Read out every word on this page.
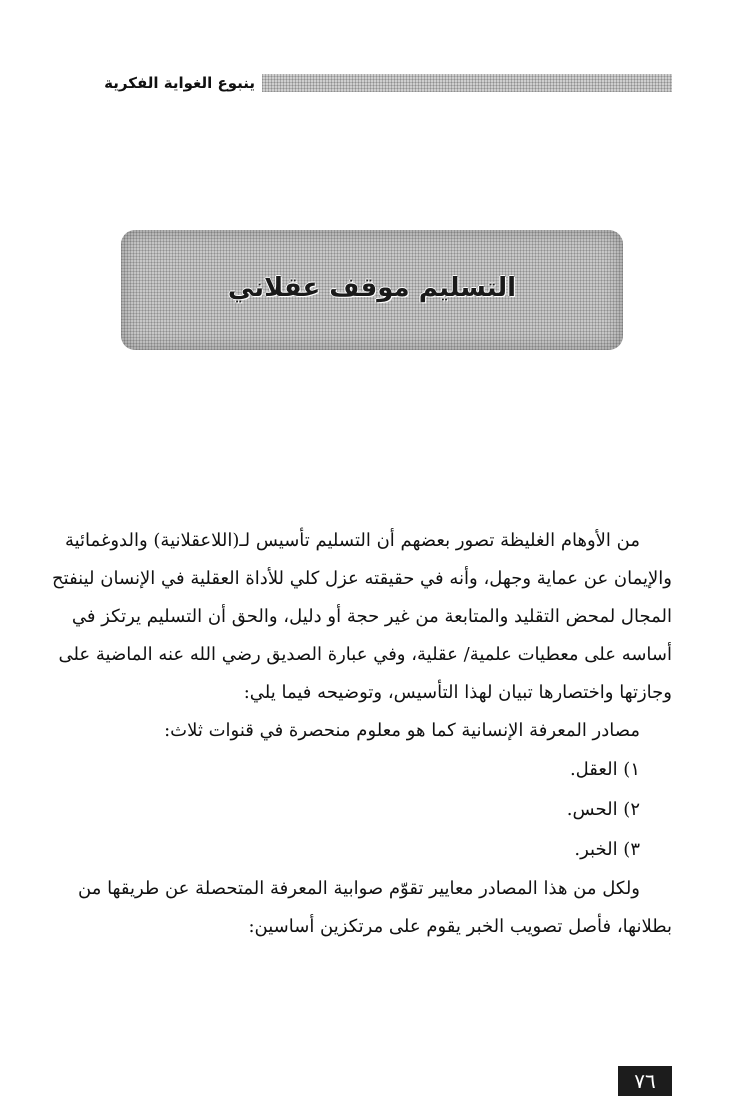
ينبوع الغواية الفكرية
التسليم موقف عقلاني
من الأوهام الغليظة تصور بعضهم أن التسليم تأسيس لـ(اللاعقلانية) والدوغمائية
والإيمان عن عماية وجهل، وأنه في حقيقته عزل كلي للأداة العقلية في الإنسان لينفتح
المجال لمحض التقليد والمتابعة من غير حجة أو دليل، والحق أن التسليم يرتكز في
أساسه على معطيات علمية/ عقلية، وفي عبارة الصديق رضي الله عنه الماضية على
وجازتها واختصارها تبيان لهذا التأسيس، وتوضيحه فيما يلي:
مصادر المعرفة الإنسانية كما هو معلوم منحصرة في قنوات ثلاث:
١) العقل.
٢) الحس.
٣) الخبر.
ولكل من هذا المصادر معايير تقوّم صوابية المعرفة المتحصلة عن طريقها من
بطلانها، فأصل تصويب الخبر يقوم على مرتكزين أساسين:
٧٦
